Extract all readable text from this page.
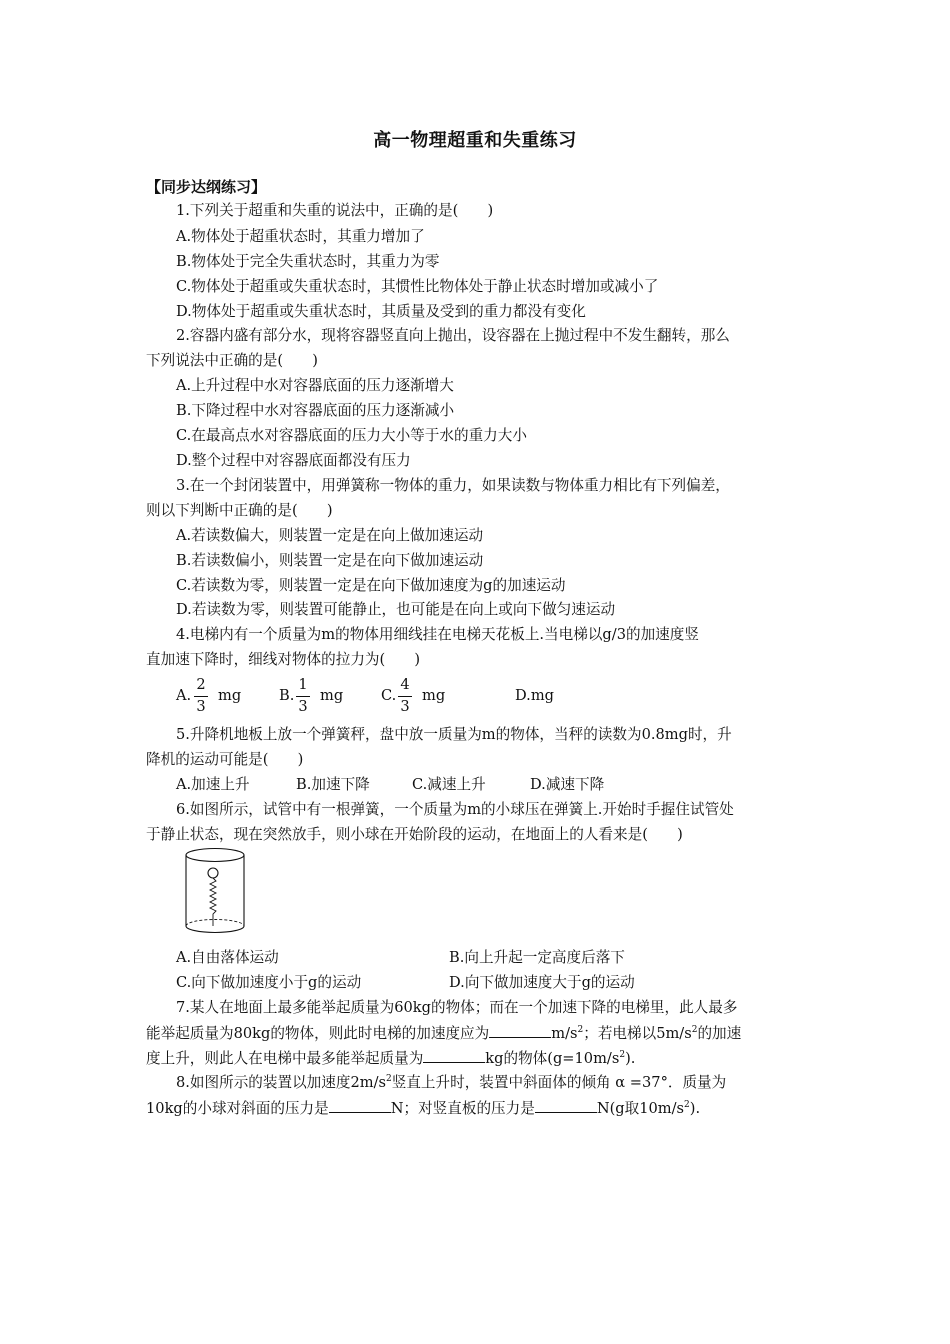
高一物理超重和失重练习
【同步达纲练习】
1.下列关于超重和失重的说法中，正确的是(　　)
A.物体处于超重状态时，其重力增加了
B.物体处于完全失重状态时，其重力为零
C.物体处于超重或失重状态时，其惯性比物体处于静止状态时增加或减小了
D.物体处于超重或失重状态时，其质量及受到的重力都没有变化
2.容器内盛有部分水，现将容器竖直向上抛出，设容器在上抛过程中不发生翻转，那么
下列说法中正确的是(　　)
A.上升过程中水对容器底面的压力逐渐增大
B.下降过程中水对容器底面的压力逐渐减小
C.在最高点水对容器底面的压力大小等于水的重力大小
D.整个过程中对容器底面都没有压力
3.在一个封闭装置中，用弹簧称一物体的重力，如果读数与物体重力相比有下列偏差，
则以下判断中正确的是(　　)
A.若读数偏大，则装置一定是在向上做加速运动
B.若读数偏小，则装置一定是在向下做加速运动
C.若读数为零，则装置一定是在向下做加速度为g的加速运动
D.若读数为零，则装置可能静止，也可能是在向上或向下做匀速运动
4.电梯内有一个质量为m的物体用细线挂在电梯天花板上.当电梯以g/3的加速度竖
直加速下降时，细线对物体的拉力为(　　)
A.
2
3
mg	B.
1
3
mg	C.
4
3
mg	D.mg
5.升降机地板上放一个弹簧秤，盘中放一质量为m的物体，当秤的读数为0.8mg时，升
降机的运动可能是(　　)
A.加速上升	B.加速下降	C.减速上升	D.减速下降
6.如图所示，试管中有一根弹簧，一个质量为m的小球压在弹簧上.开始时手握住试管处
于静止状态，现在突然放手，则小球在开始阶段的运动，在地面上的人看来是(　　)
A.自由落体运动	B.向上升起一定高度后落下
C.向下做加速度小于g的运动	D.向下做加速度大于g的运动
7.某人在地面上最多能举起质量为60kg的物体；而在一个加速下降的电梯里，此人最多
能举起质量为80kg的物体，则此时电梯的加速度应为	$m/s^2$；若电梯以$5m/s^2$的加速
度上升，则此人在电梯中最多能举起质量为	kg的物体$(g=10m/s^2)$.
8.如图所示的装置以加速度$2m/s^2$竖直上升时，装置中斜面体的倾角 α =37°．质量为
10kg的小球对斜面的压力是	N；对竖直板的压力是	N(g取$10m/s^2$).
